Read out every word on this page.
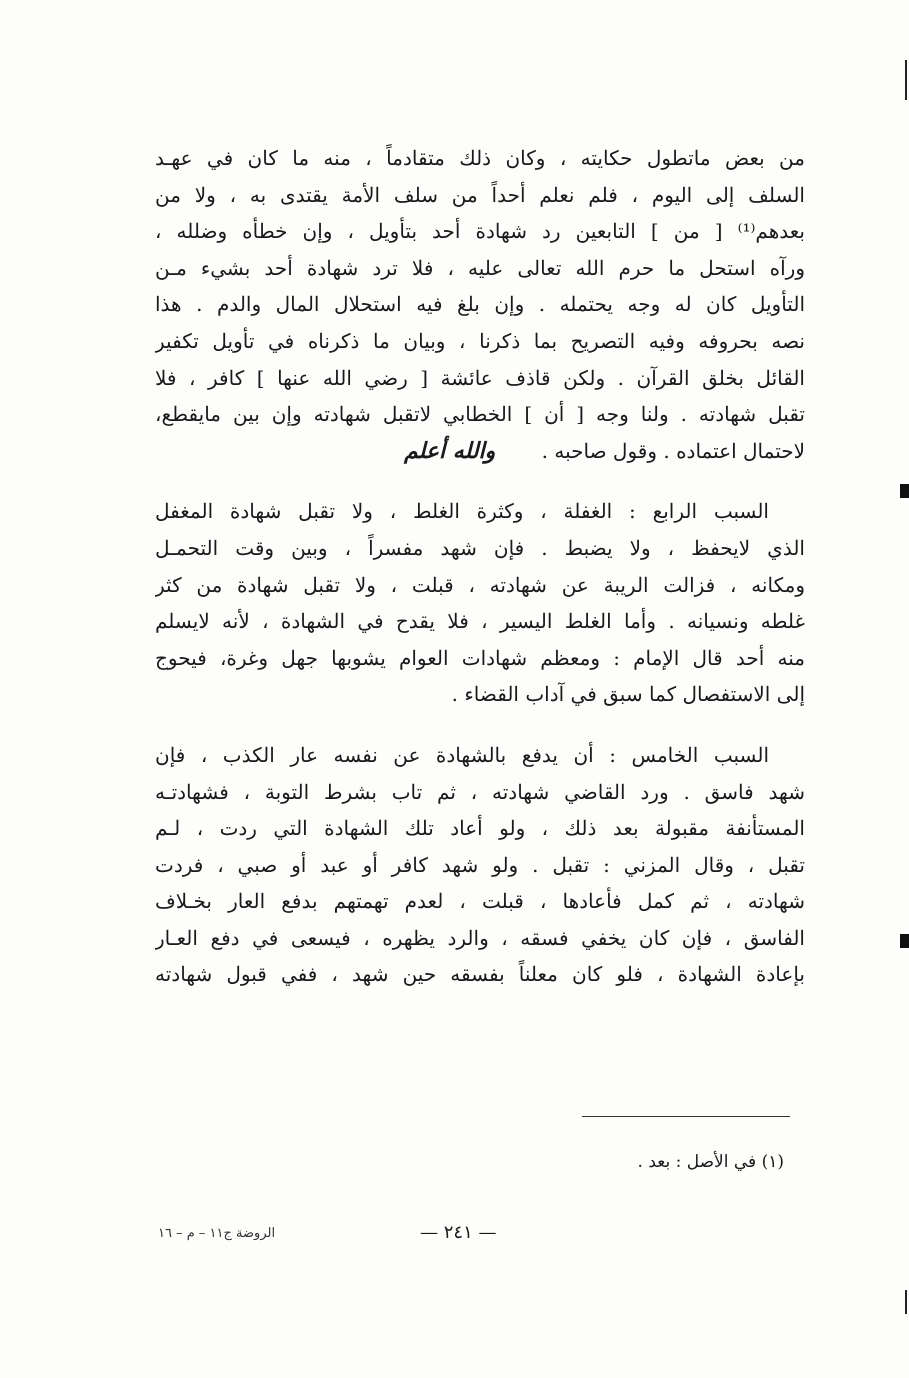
من بعض ماتطول حكايته ، وكان ذلك متقادماً ، منه ما كان في عهـد
السلف إلى اليوم ، فلم نعلم أحداً من سلف الأمة يقتدى به ، ولا من
بعدهم⁽¹⁾ [ من ] التابعين رد شهادة أحد بتأويل ، وإن خطأه وضلله ،
ورآه استحل ما حرم الله تعالى عليه ، فلا ترد شهادة أحد بشيء مـن
التأويل كان له وجه يحتمله . وإن بلغ فيه استحلال المال والدم . هذا
نصه بحروفه وفيه التصريح بما ذكرنا ، وبيان ما ذكرناه في تأويل تكفير
القائل بخلق القرآن . ولكن قاذف عائشة [ رضي الله عنها ] كافر ، فلا
تقبل شهادته . ولنا وجه [ أن ] الخطابي لاتقبل شهادته وإن بين مايقطع،
لاحتمال اعتماده . وقول صاحبه . والله أعلم
السبب الرابع : الغفلة ، وكثرة الغلط ، ولا تقبل شهادة المغفل
الذي لايحفظ ، ولا يضبط . فإن شهد مفسراً ، وبين وقت التحمـل
ومكانه ، فزالت الريبة عن شهادته ، قبلت ، ولا تقبل شهادة من كثر
غلطه ونسيانه . وأما الغلط اليسير ، فلا يقدح في الشهادة ، لأنه لايسلم
منه أحد قال الإمام : ومعظم شهادات العوام يشوبها جهل وغرة، فيحوج
إلى الاستفصال كما سبق في آداب القضاء .
السبب الخامس : أن يدفع بالشهادة عن نفسه عار الكذب ، فإن
شهد فاسق . ورد القاضي شهادته ، ثم تاب بشرط التوبة ، فشهادتـه
المستأنفة مقبولة بعد ذلك ، ولو أعاد تلك الشهادة التي ردت ، لـم
تقبل ، وقال المزني : تقبل . ولو شهد كافر أو عبد أو صبي ، فردت
شهادته ، ثم كمل فأعادها ، قبلت ، لعدم تهمتهم بدفع العار بخـلاف
الفاسق ، فإن كان يخفي فسقه ، والرد يظهره ، فيسعى في دفع العـار
بإعادة الشهادة ، فلو كان معلناً بفسقه حين شهد ، ففي قبول شهادته
(١) في الأصل : بعد .
— ٢٤١ —
الروضة ج١١ – م – ١٦
